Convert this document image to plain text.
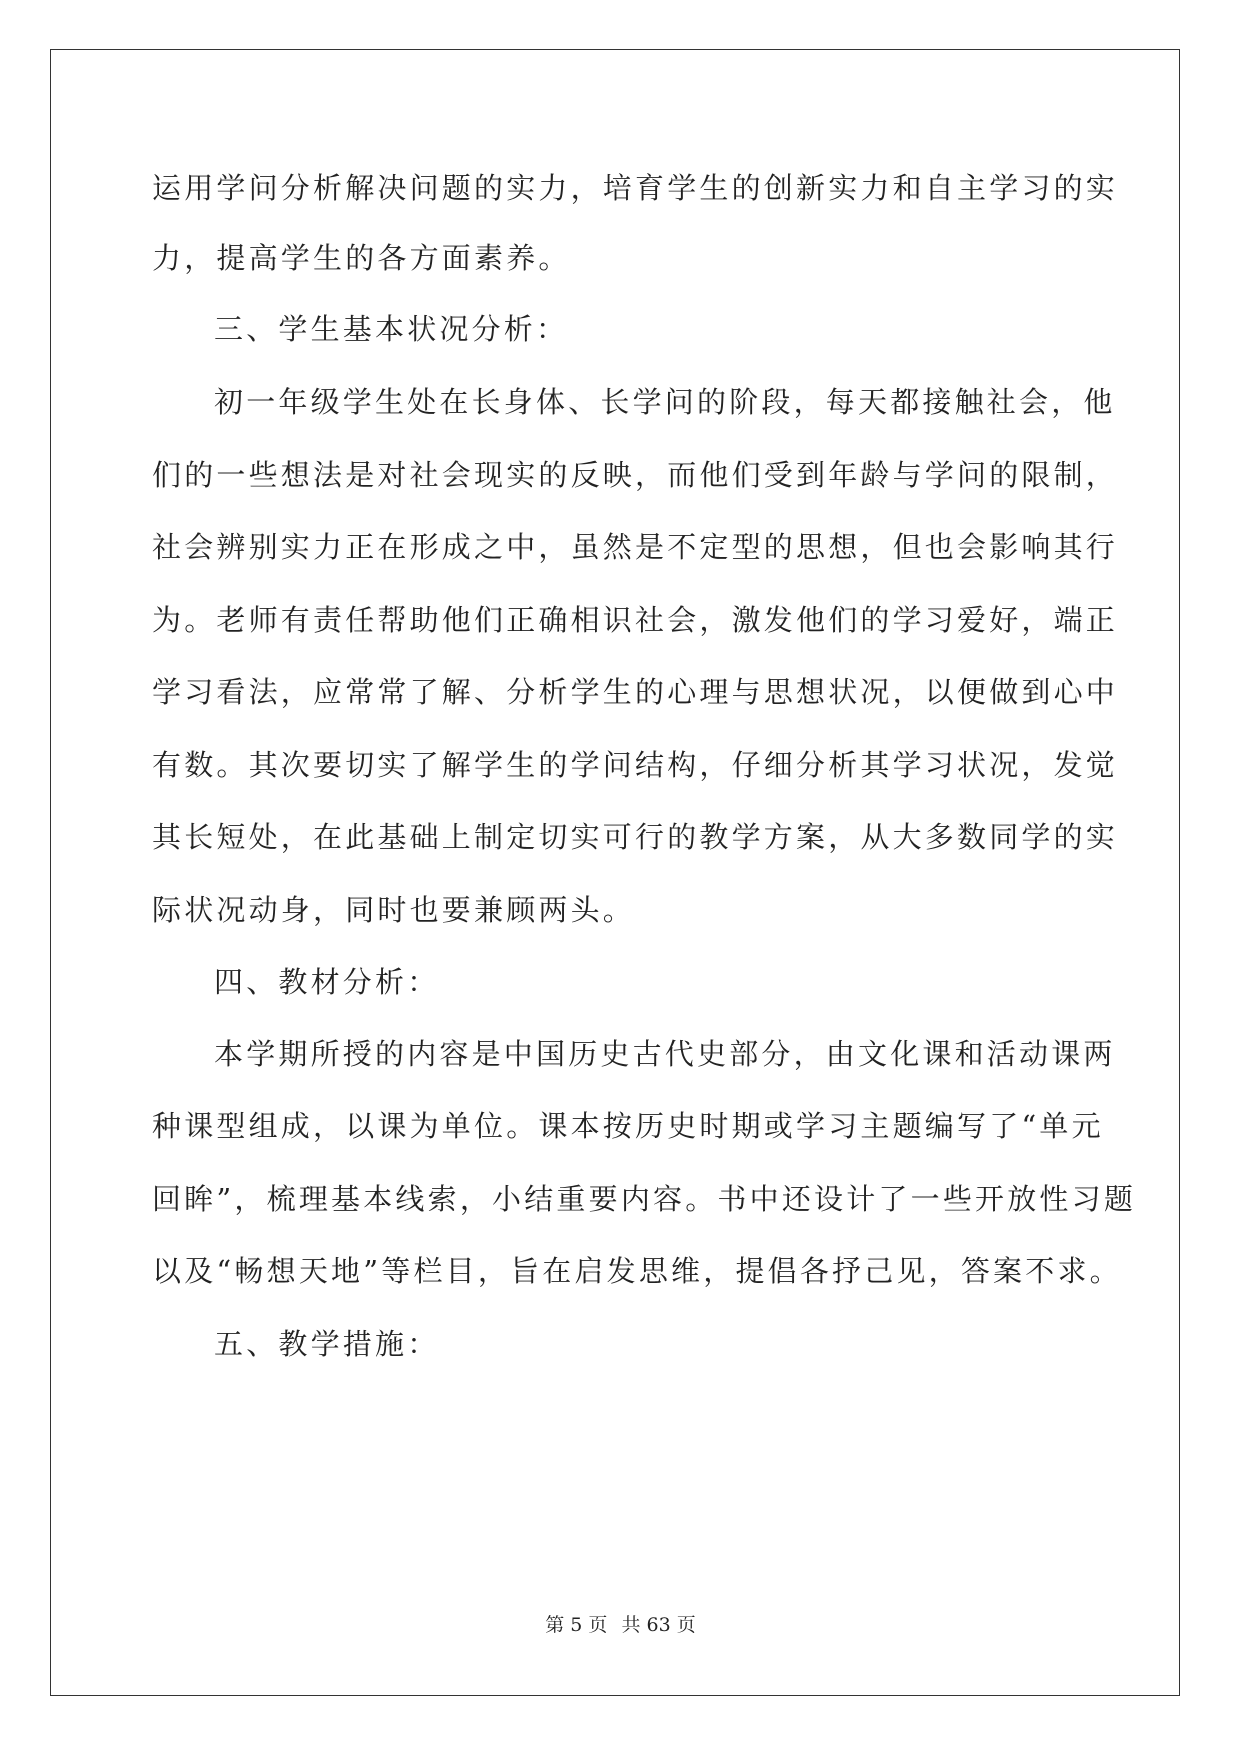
运用学问分析解决问题的实力，培育学生的创新实力和自主学习的实
力，提高学生的各方面素养。
三、学生基本状况分析：
初一年级学生处在长身体、长学问的阶段，每天都接触社会，他
们的一些想法是对社会现实的反映，而他们受到年龄与学问的限制，
社会辨别实力正在形成之中，虽然是不定型的思想，但也会影响其行
为。老师有责任帮助他们正确相识社会，激发他们的学习爱好，端正
学习看法，应常常了解、分析学生的心理与思想状况，以便做到心中
有数。其次要切实了解学生的学问结构，仔细分析其学习状况，发觉
其长短处，在此基础上制定切实可行的教学方案，从大多数同学的实
际状况动身，同时也要兼顾两头。
四、教材分析：
本学期所授的内容是中国历史古代史部分，由文化课和活动课两
种课型组成，以课为单位。课本按历史时期或学习主题编写了“单元
回眸”，梳理基本线索，小结重要内容。书中还设计了一些开放性习题
以及“畅想天地”等栏目，旨在启发思维，提倡各抒己见，答案不求。
五、教学措施：
第 5 页 共 63 页
